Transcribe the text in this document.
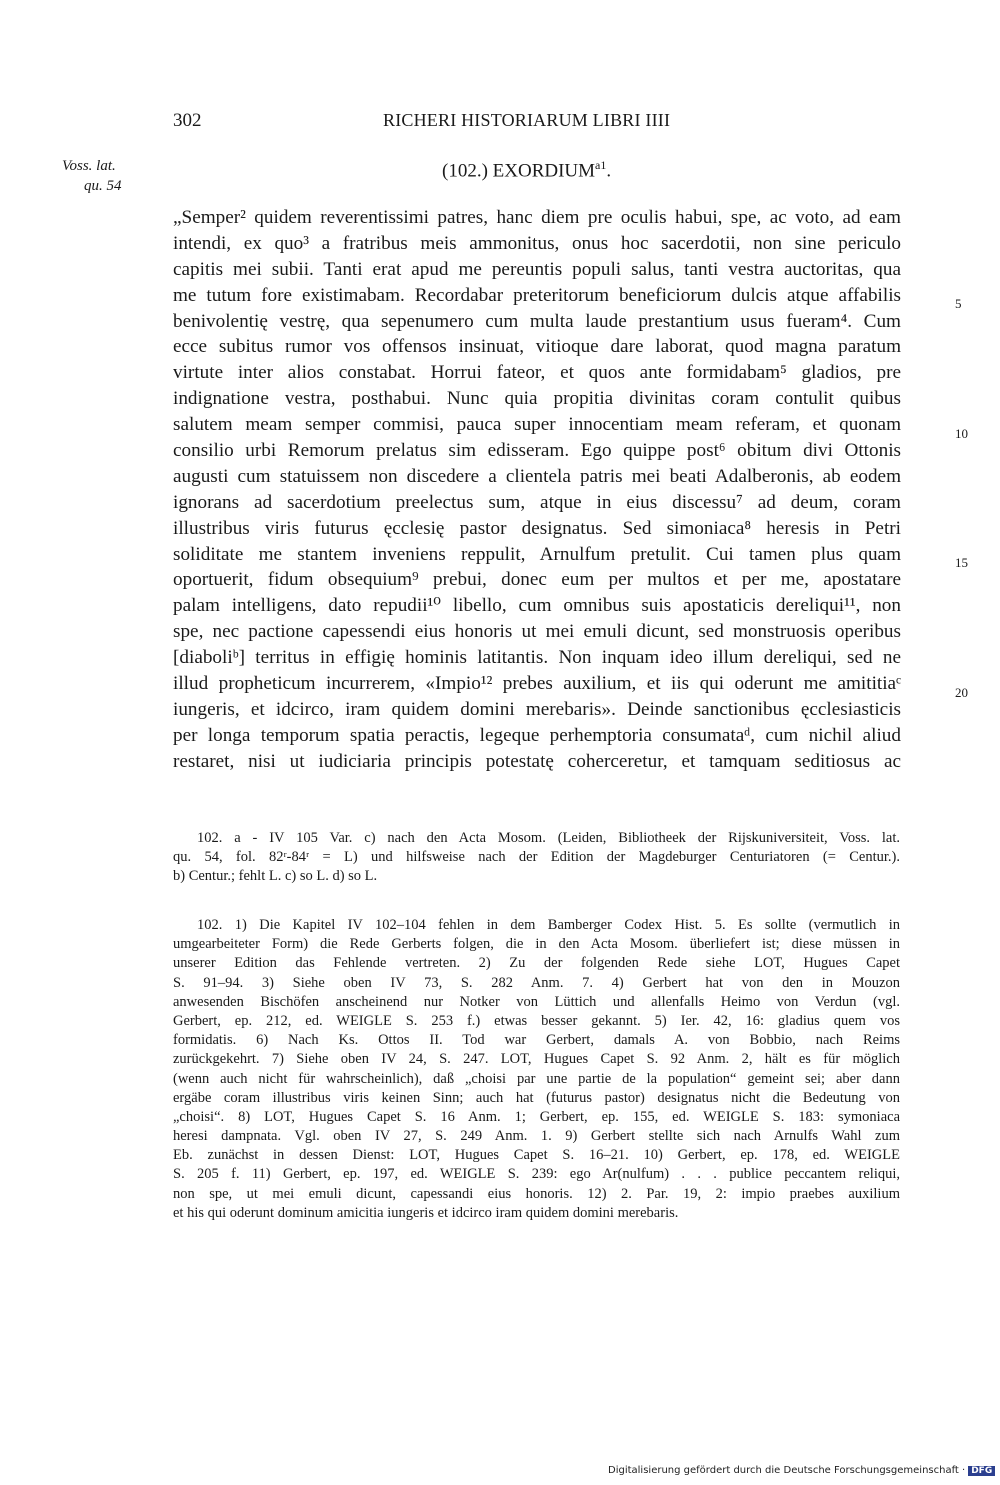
302	RICHERI HISTORIARUM LIBRI IIII
Voss. lat.
qu. 54
(102.) $EXORDIUM^{a1}$.
„Semper² quidem reverentissimi patres, hanc diem pre oculis habui, spe, ac voto, ad eam
intendi, ex quo³ a fratribus meis ammonitus, onus hoc sacerdotii, non sine periculo
capitis mei subii. Tanti erat apud me pereuntis populi salus, tanti vestra auctoritas, qua
me tutum fore existimabam. Recordabar preteritorum beneficiorum dulcis atque affabilis
benivolentię vestrę, qua sepenumero cum multa laude prestantium usus fueram⁴. Cum
ecce subitus rumor vos offensos insinuat, vitioque dare laborat, quod magna paratum
virtute inter alios constabat. Horrui fateor, et quos ante formidabam⁵ gladios, pre
indignatione vestra, posthabui. Nunc quia propitia divinitas coram contulit quibus
salutem meam semper commisi, pauca super innocentiam meam referam, et quonam
consilio urbi Remorum prelatus sim edisseram. Ego quippe post⁶ obitum divi Ottonis
augusti cum statuissem non discedere a clientela patris mei beati Adalberonis, ab eodem
ignorans ad sacerdotium preelectus sum, atque in eius discessu⁷ ad deum, coram
illustribus viris futurus ęcclesię pastor designatus. Sed simoniaca⁸ heresis in Petri
soliditate me stantem inveniens reppulit, Arnulfum pretulit. Cui tamen plus quam
oportuerit, fidum obsequium⁹ prebui, donec eum per multos et per me, apostatare
palam intelligens, dato repudii¹⁰ libello, cum omnibus suis apostaticis dereliqui¹¹, non
spe, nec pactione capessendi eius honoris ut mei emuli dicunt, sed monstruosis operibus
[diaboliᵇ] territus in effigię hominis latitantis. Non inquam ideo illum dereliqui, sed ne
illud propheticum incurrerem, «Impio¹² prebes auxilium, et iis qui oderunt me amititiaᶜ
iungeris, et idcirco, iram quidem domini merebaris». Deinde sanctionibus ęcclesiasticis
per longa temporum spatia peractis, legeque perhemptoria consumataᵈ, cum nichil aliud
restaret, nisi ut iudiciaria principis potestatę coherceretur, et tamquam seditiosus ac
5
10
15
20
102. a - IV 105 Var. c) nach den Acta Mosom. (Leiden, Bibliotheek der Rijskuniversiteit, Voss. lat.
qu. 54, fol. 82ʳ-84ʳ = L) und hilfsweise nach der Edition der Magdeburger Centuriatoren (= Centur.).
b) Centur.; fehlt L. c) so L. d) so L.
102. 1) Die Kapitel IV 102–104 fehlen in dem Bamberger Codex Hist. 5. Es sollte (vermutlich in
umgearbeiteter Form) die Rede Gerberts folgen, die in den Acta Mosom. überliefert ist; diese müssen in
unserer Edition das Fehlende vertreten. 2) Zu der folgenden Rede siehe LOT, Hugues Capet
S. 91–94. 3) Siehe oben IV 73, S. 282 Anm. 7. 4) Gerbert hat von den in Mouzon
anwesenden Bischöfen anscheinend nur Notker von Lüttich und allenfalls Heimo von Verdun (vgl.
Gerbert, ep. 212, ed. WEIGLE S. 253 f.) etwas besser gekannt. 5) Ier. 42, 16: gladius quem vos
formidatis. 6) Nach Ks. Ottos II. Tod war Gerbert, damals A. von Bobbio, nach Reims
zurückgekehrt. 7) Siehe oben IV 24, S. 247. LOT, Hugues Capet S. 92 Anm. 2, hält es für möglich
(wenn auch nicht für wahrscheinlich), daß „choisi par une partie de la population“ gemeint sei; aber dann
ergäbe coram illustribus viris keinen Sinn; auch hat (futurus pastor) designatus nicht die Bedeutung von
„choisi“. 8) LOT, Hugues Capet S. 16 Anm. 1; Gerbert, ep. 155, ed. WEIGLE S. 183: symoniaca
heresi dampnata. Vgl. oben IV 27, S. 249 Anm. 1. 9) Gerbert stellte sich nach Arnulfs Wahl zum
Eb. zunächst in dessen Dienst: LOT, Hugues Capet S. 16–21. 10) Gerbert, ep. 178, ed. WEIGLE
S. 205 f. 11) Gerbert, ep. 197, ed. WEIGLE S. 239: ego Ar(nulfum) . . . publice peccantem reliqui,
non spe, ut mei emuli dicunt, capessandi eius honoris. 12) 2. Par. 19, 2: impio praebes auxilium
et his qui oderunt dominum amicitia iungeris et idcirco iram quidem domini merebaris.
Digitalisierung gefördert durch die Deutsche Forschungsgemeinschaft · DFG
